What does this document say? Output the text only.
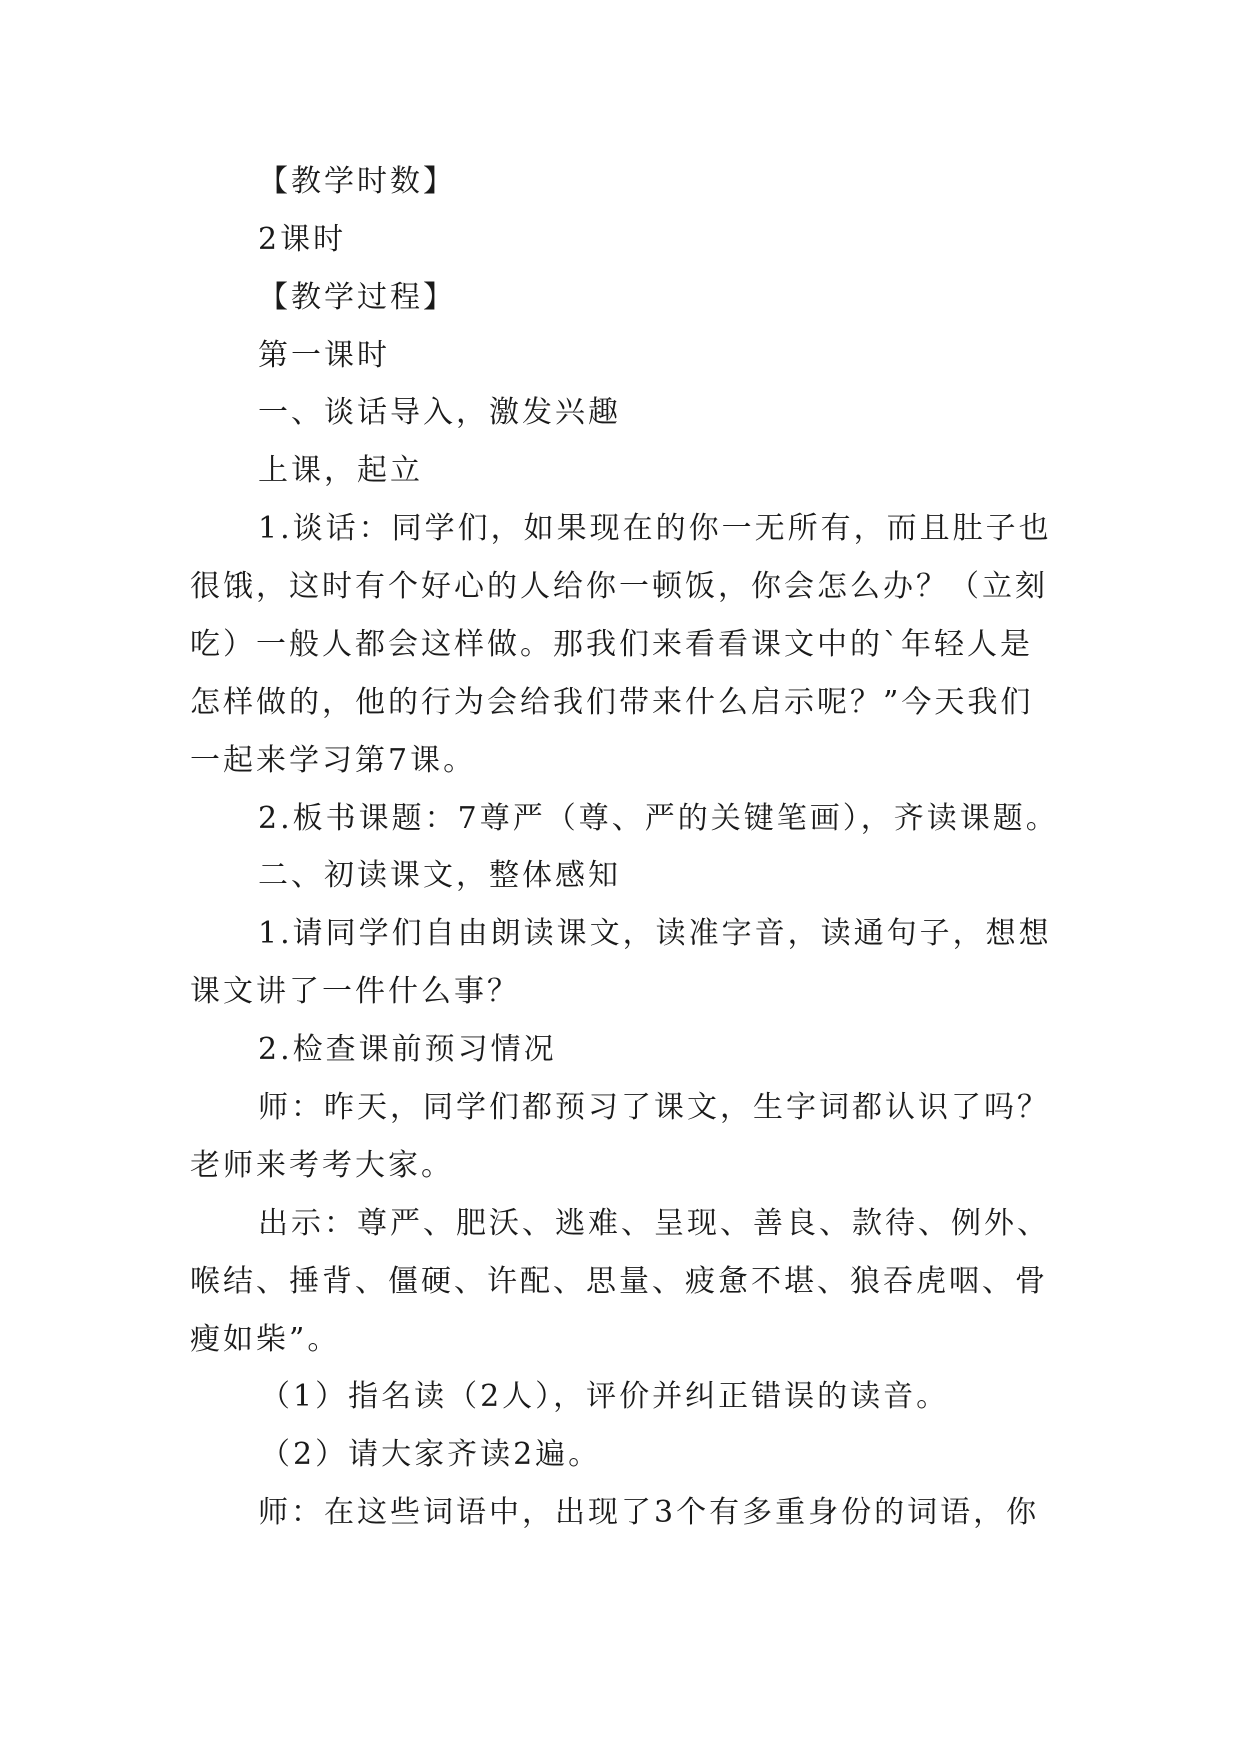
【教学时数】
2课时
【教学过程】
第一课时
一、谈话导入，激发兴趣
上课，起立
1.谈话：同学们，如果现在的你一无所有，而且肚子也
很饿，这时有个好心的人给你一顿饭，你会怎么办？（立刻
吃）一般人都会这样做。那我们来看看课文中的`年轻人是
怎样做的，他的行为会给我们带来什么启示呢？”今天我们
一起来学习第7课。
2.板书课题：7尊严（尊、严的关键笔画），齐读课题。
二、初读课文，整体感知
1.请同学们自由朗读课文，读准字音，读通句子，想想
课文讲了一件什么事？
2.检查课前预习情况
师：昨天，同学们都预习了课文，生字词都认识了吗？
老师来考考大家。
出示：尊严、肥沃、逃难、呈现、善良、款待、例外、
喉结、捶背、僵硬、许配、思量、疲惫不堪、狼吞虎咽、骨
瘦如柴”。
（1）指名读（2人），评价并纠正错误的读音。
（2）请大家齐读2遍。
师：在这些词语中，出现了3个有多重身份的词语，你
